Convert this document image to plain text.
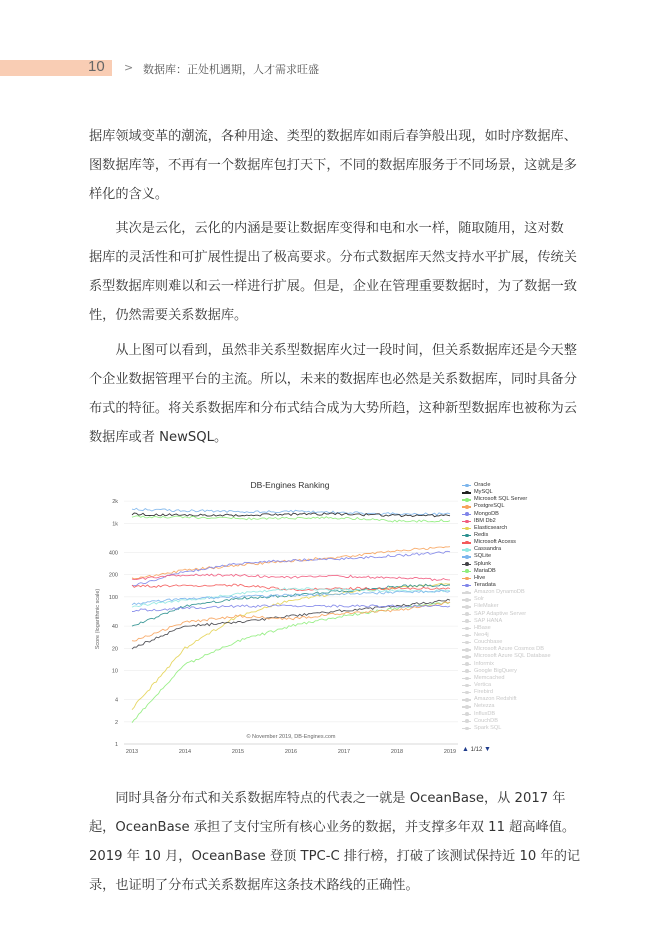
10 > 数据库：正处机遇期，人才需求旺盛
据库领域变革的潮流，各种用途、类型的数据库如雨后春笋般出现，如时序数据库、
图数据库等，不再有一个数据库包打天下，不同的数据库服务于不同场景，这就是多
样化的含义。
　　其次是云化，云化的内涵是要让数据库变得和电和水一样，随取随用，这对数
据库的灵活性和可扩展性提出了极高要求。分布式数据库天然支持水平扩展，传统关
系型数据库则难以和云一样进行扩展。但是，企业在管理重要数据时，为了数据一致
性，仍然需要关系数据库。
　　从上图可以看到，虽然非关系型数据库火过一段时间，但关系数据库还是今天整
个企业数据管理平台的主流。所以，未来的数据库也必然是关系数据库，同时具备分
布式的特征。将关系数据库和分布式结合成为大势所趋，这种新型数据库也被称为云
数据库或者 NewSQL。
DB-Engines Ranking
1
2
4
10
20
40
100
200
400
1k
2k
2013	2014	2015	2016	2017	2018	2019
Score (logarithmic scale)
© November 2019, DB-Engines.com
Oracle
MySQL
Microsoft SQL Server
PostgreSQL
MongoDB
IBM Db2
Elasticsearch
Redis
Microsoft Access
Cassandra
SQLite
Splunk
MariaDB
Hive
Teradata
Amazon DynamoDB
Solr
FileMaker
SAP Adaptive Server
SAP HANA
HBase
Neo4j
Couchbase
Microsoft Azure Cosmos DB
Microsoft Azure SQL Database
Informix
Google BigQuery
Memcached
Vertica
Firebird
Amazon Redshift
Netezza
InfluxDB
CouchDB
Spark SQL
▲ 1/12 ▼
　　同时具备分布式和关系数据库特点的代表之一就是 OceanBase，从 2017 年
起，OceanBase 承担了支付宝所有核心业务的数据，并支撑多年双 11 超高峰值。
2019 年 10 月，OceanBase 登顶 TPC-C 排行榜，打破了该测试保持近 10 年的记
录，也证明了分布式关系数据库这条技术路线的正确性。
